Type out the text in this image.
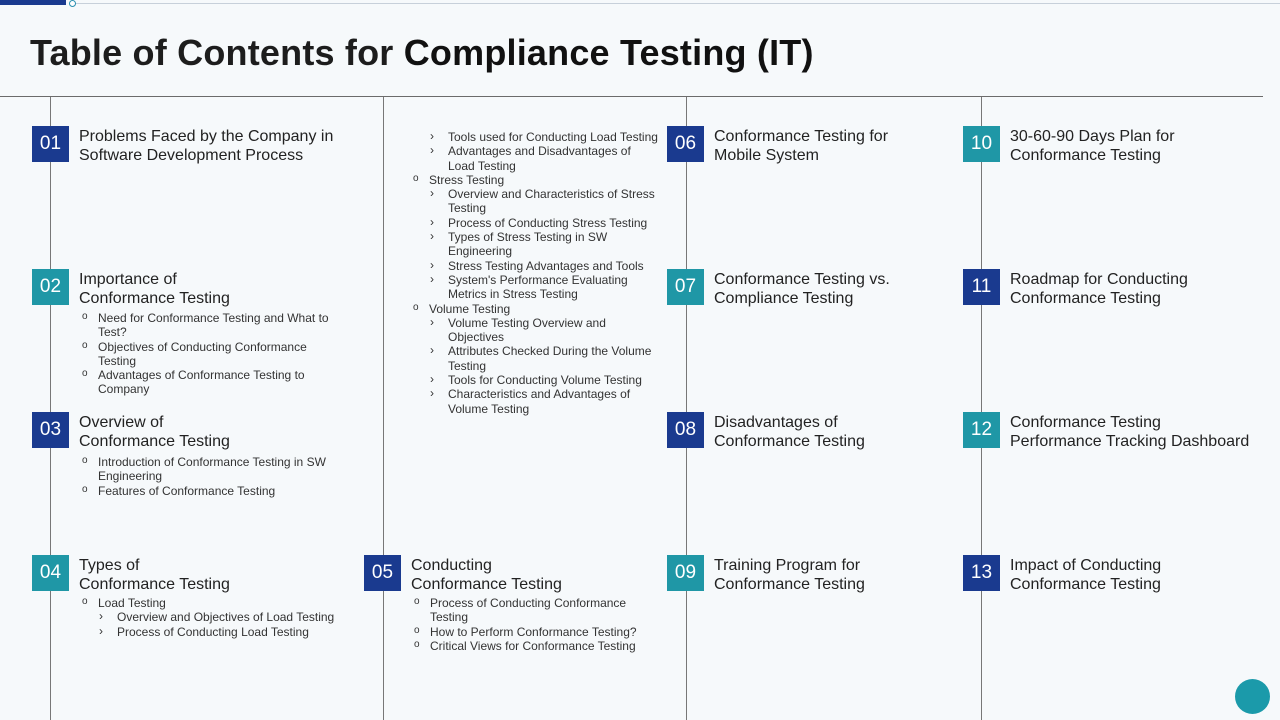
Table of Contents for Compliance Testing (IT)
01	Problems Faced by the Company in
Software Development Process
02	Importance of
Conformance Testing
o Need for Conformance Testing and What to Test?
o Objectives of Conducting Conformance Testing
o Advantages of Conformance Testing to Company
03	Overview of
Conformance Testing
o Introduction of Conformance Testing in SW Engineering
o Features of Conformance Testing
04	Types of
Conformance Testing
o Load Testing
› Overview and Objectives of Load Testing
› Process of Conducting Load Testing
› Tools used for Conducting Load Testing
› Advantages and Disadvantages of Load Testing
o Stress Testing
› Overview and Characteristics of Stress Testing
› Process of Conducting Stress Testing
› Types of Stress Testing in SW Engineering
› Stress Testing Advantages and Tools
› System's Performance Evaluating Metrics in Stress Testing
o Volume Testing
› Volume Testing Overview and Objectives
› Attributes Checked During the Volume Testing
› Tools for Conducting Volume Testing
› Characteristics and Advantages of Volume Testing
05	Conducting
Conformance Testing
o Process of Conducting Conformance Testing
o How to Perform Conformance Testing?
o Critical Views for Conformance Testing
06	Conformance Testing for
Mobile System
07	Conformance Testing vs.
Compliance Testing
08	Disadvantages of
Conformance Testing
09	Training Program for
Conformance Testing
10	30-60-90 Days Plan for
Conformance Testing
11	Roadmap for Conducting
Conformance Testing
12	Conformance Testing
Performance Tracking Dashboard
13	Impact of Conducting
Conformance Testing
